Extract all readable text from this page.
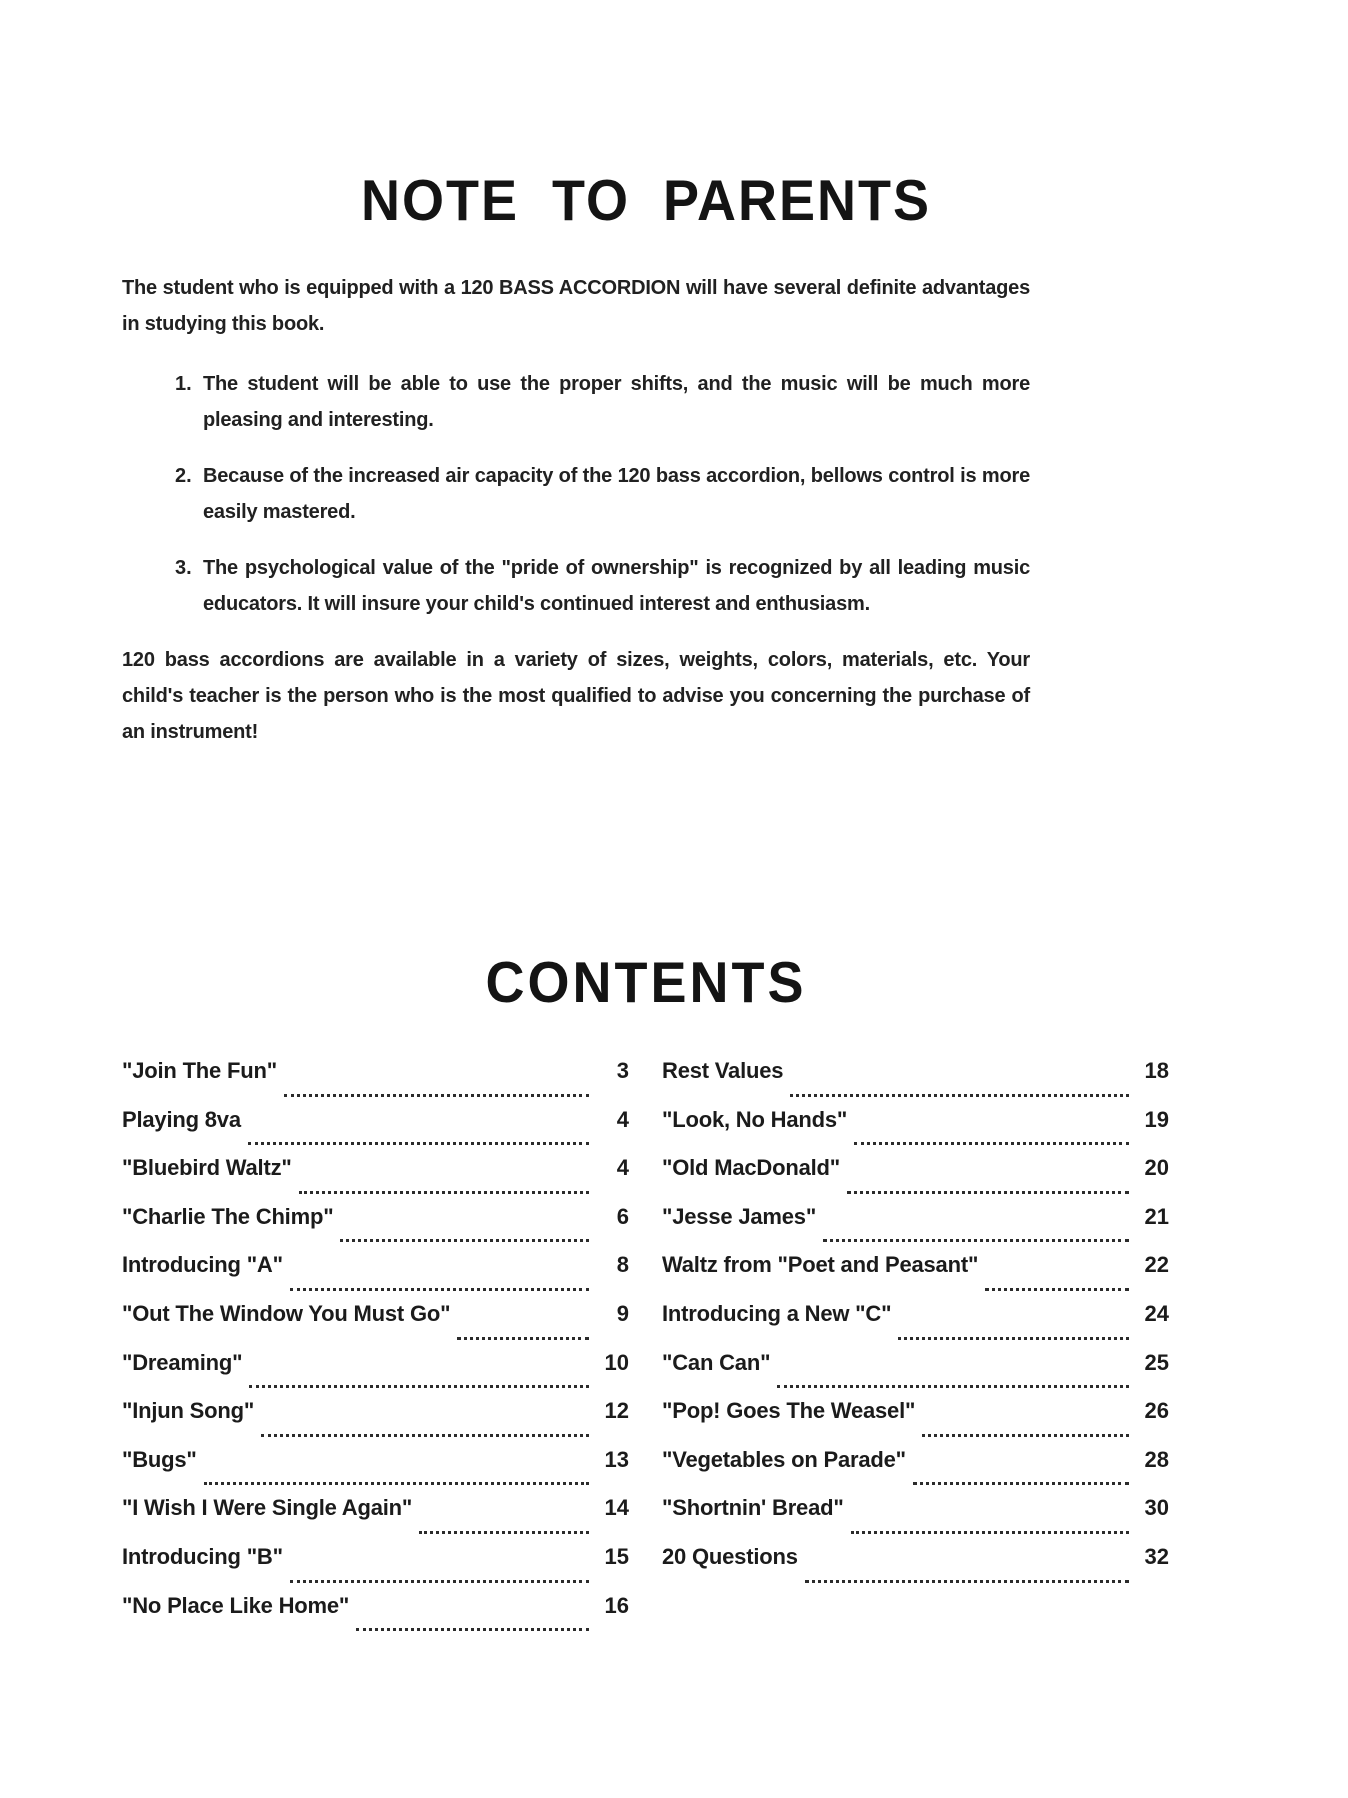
NOTE TO PARENTS

The student who is equipped with a 120 BASS ACCORDION will have several definite advantages in studying this book.

1. The student will be able to use the proper shifts, and the music will be much more pleasing and interesting.
2. Because of the increased air capacity of the 120 bass accordion, bellows control is more easily mastered.
3. The psychological value of the "pride of ownership" is recognized by all leading music educators. It will insure your child's continued interest and enthusiasm.

120 bass accordions are available in a variety of sizes, weights, colors, materials, etc. Your child's teacher is the person who is the most qualified to advise you concerning the purchase of an instrument!

CONTENTS
"Join The Fun"	3
Playing 8va	4
"Bluebird Waltz"	4
"Charlie The Chimp"	6
Introducing "A"	8
"Out The Window You Must Go"	9
"Dreaming"	10
"Injun Song"	12
"Bugs"	13
"I Wish I Were Single Again"	14
Introducing "B"	15
"No Place Like Home"	16
Rest Values	18
"Look, No Hands"	19
"Old MacDonald"	20
"Jesse James"	21
Waltz from "Poet and Peasant"	22
Introducing a New "C"	24
"Can Can"	25
"Pop! Goes The Weasel"	26
"Vegetables on Parade"	28
"Shortnin' Bread"	30
20 Questions	32
